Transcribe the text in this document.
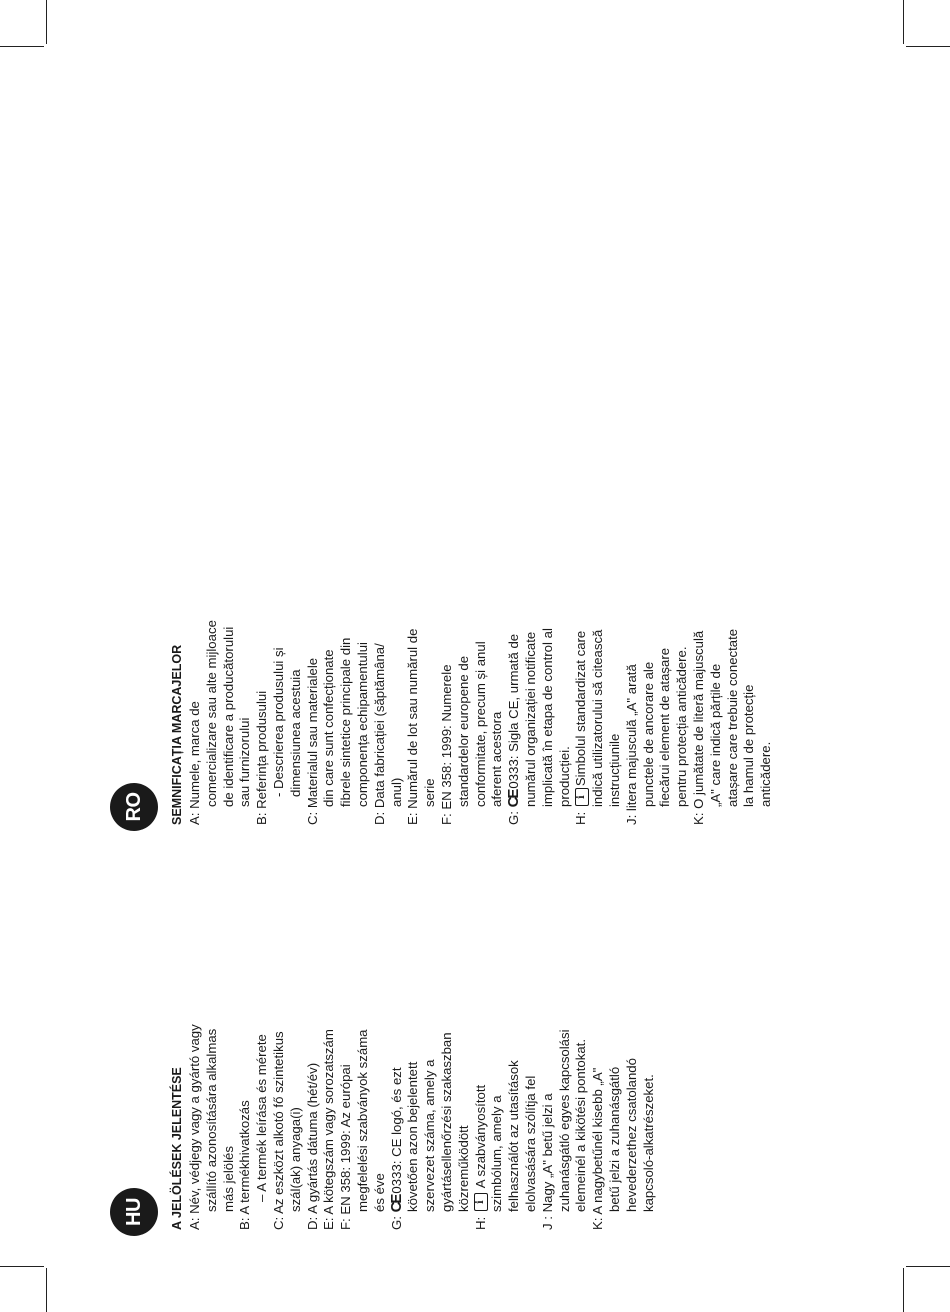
HU	A JELÖLÉSEK JELENTÉSE A: Név, védjegy vagy a gyártó vagy szállító azonosítására alkalmas más jelölés B: A termékhivatkozás – A termék leírása és mérete C: Az eszközt alkotó fő szintetikus szál(ak) anyaga(i) D: A gyártás dátuma (hét/év) E: A kötegszám vagy sorozatszám F: EN 358: 1999: Az európai megfelelési szabványok száma és éve
G: CE0333: CE logó, és ezt követően azon bejelentett szervezet száma, amely a gyártásellenőrzési szakaszban közreműködött
H: i A szabványosított szimbólum, amely a felhasználót az utasítások elolvasására szólítja fel J : Nagy „A" betű jelzi a zuhanásgátló egyes kapcsolási elemeinél a kikötési pontokat. K: A nagybetűnél kisebb „A" betű jelzi a zuhanásgátló hevederzethez csatolandó kapcsoló-alkatrészeket.
RO	SEMNIFICAȚIA MARCAJELOR A: Numele, marca de comercializare sau alte mijloace de identificare a producătorului sau furnizorului B: Referința produsului - Descrierea produsului și dimensiunea acestuia C: Materialul sau materialele din care sunt confecționate fibrele sintetice principale din componența echipamentului D: Data fabricației (săptămâna/ anul) E: Numărul de lot sau numărul de serie F: EN 358: 1999: Numerele standardelor europene de conformitate, precum și anul aferent acestora
G: CE0333: Sigla CE, urmată de numărul organizației notificate implicată în etapa de control al producției.
H: iSimbolul standardizat care indică utilizatorului să citească instrucțiunile J: litera majusculă „A" arată punctele de ancorare ale fiecărui element de atașare pentru protecția anticădere. K: O jumătate de literă majusculă „A" care indică părțile de atașare care trebuie conectate la hamul de protecție anticădere.
